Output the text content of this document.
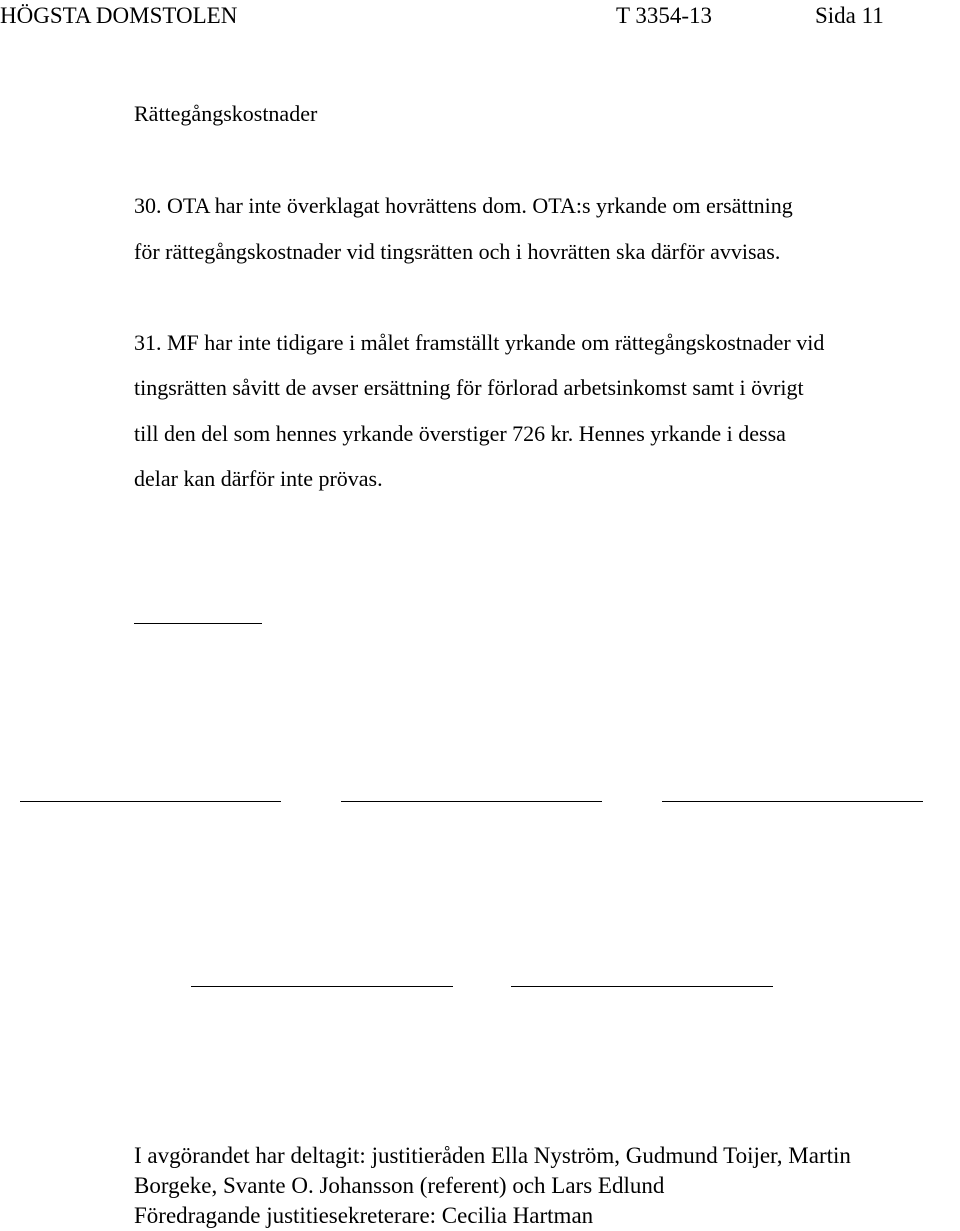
HÖGSTA DOMSTOLEN	T 3354-13	Sida 11
Rättegångskostnader
30. OTA har inte överklagat hovrättens dom. OTA:s yrkande om ersättning
för rättegångskostnader vid tingsrätten och i hovrätten ska därför avvisas.
31. MF har inte tidigare i målet framställt yrkande om rättegångskostnader vid
tingsrätten såvitt de avser ersättning för förlorad arbetsinkomst samt i övrigt
till den del som hennes yrkande överstiger 726 kr. Hennes yrkande i dessa
delar kan därför inte prövas.
I avgörandet har deltagit: justitieråden Ella Nyström, Gudmund Toijer, Martin
Borgeke, Svante O. Johansson (referent) och Lars Edlund
Föredragande justitiesekreterare: Cecilia Hartman
